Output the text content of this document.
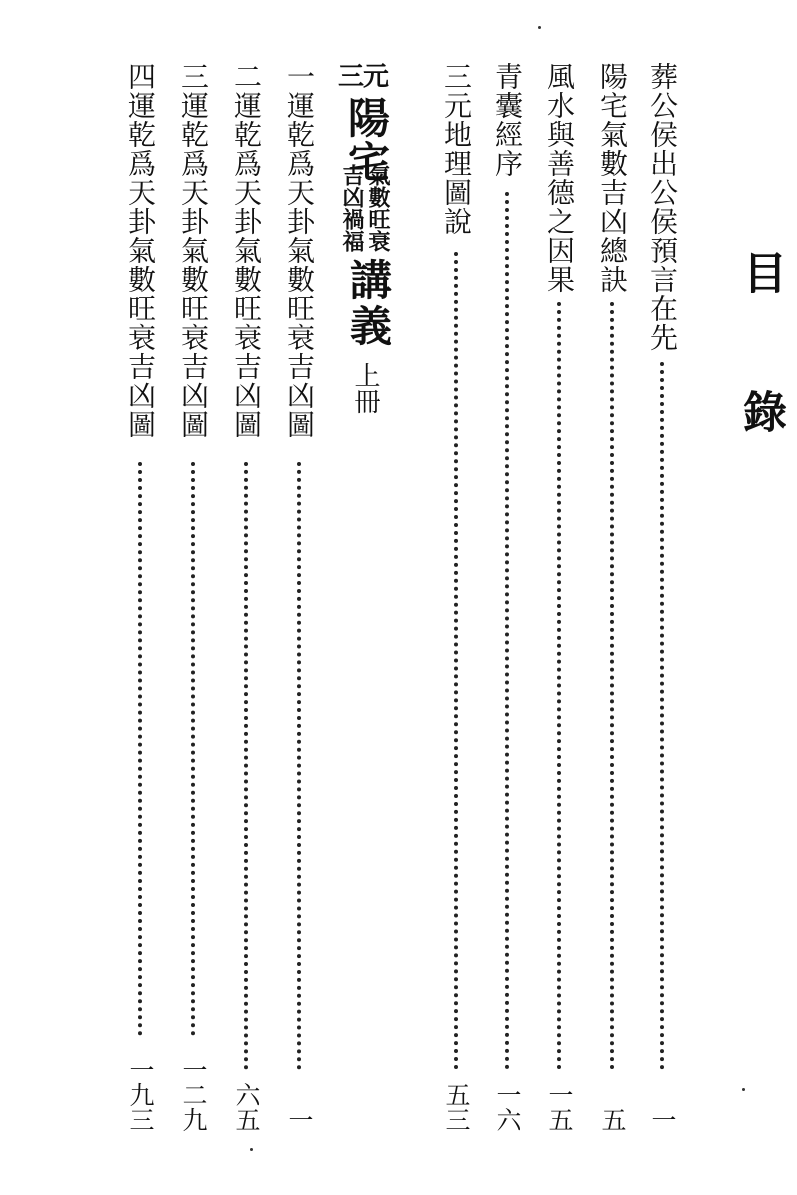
目錄
葬公侯出公侯預言在先
一
陽宅氣數吉凶總訣
五
風水與善德之因果
一五
青囊經序
一六
三元地理圖說
五三
三元
陽宅
氣數旺衰
吉凶禍福
講義
上冊
一運乾爲天卦氣數旺衰吉凶圖
一
二運乾爲天卦氣數旺衰吉凶圖
六五
三運乾爲天卦氣數旺衰吉凶圖
一二九
四運乾爲天卦氣數旺衰吉凶圖
一九三
